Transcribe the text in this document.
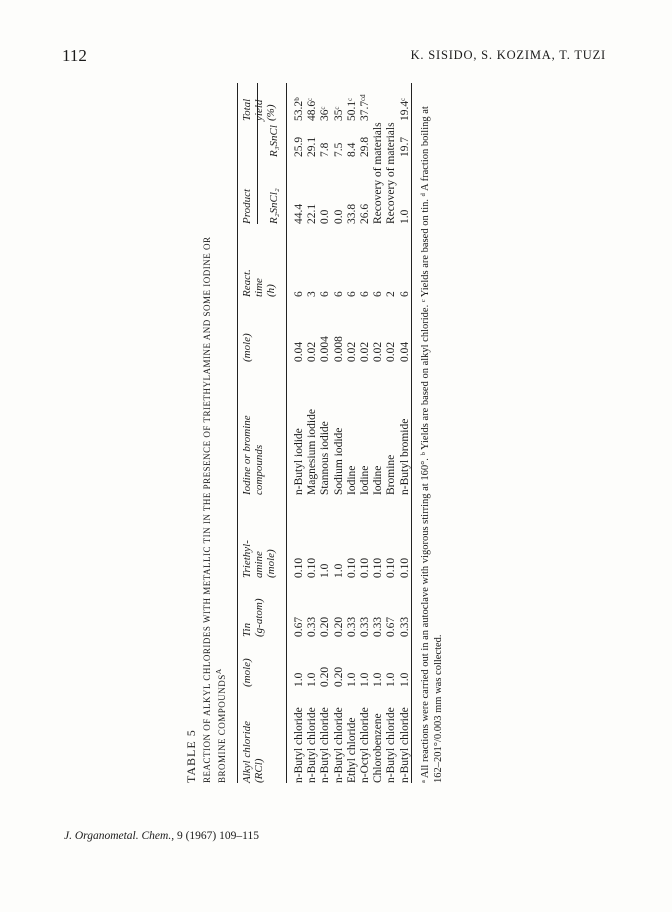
112	K. SISIDO, S. KOZIMA, T. TUZI
TABLE 5 REACTION OF ALKYL CHLORIDES WITH METALLIC TIN IN THE PRESENCE OF TRIETHYLAMINE AND SOME IODINE OR BROMINE $COMPOUNDS^A$
Alkyl chloride (RCl)
(mole)
Tin (g-atom)
Triethyl- amine (mole)
Iodine or bromine compounds
(mole)
React. time (h)
Product R₂SnCl₂
R₃SnCl
Total yield (%)
n-Butyl chloride n-Butyl chloride n-Butyl chloride n-Butyl chloride Ethyl chloride n-Octyl chloride Chlorobenzene n-Butyl chloride n-Butyl chloride
1.0 1.0 0.20 0.20 1.0 1.0 1.0 1.0 1.0
0.67 0.33 0.20 0.20 0.33 0.33 0.33 0.67 0.33
0.10 0.10 1.0 1.0 0.10 0.10 0.10 0.10 0.10
n-Butyl iodide Magnesium iodide Stannous iodide Sodium iodide Iodine Iodine Iodine Bromine n-Butyl bromide
0.04 0.02 0.004 0.008 0.02 0.02 0.02 0.02 0.04
6 3 6 6 6 6 6 2 6
44.4 22.1 0.0 0.0 33.8 26.6 Recovery of materials Recovery of materials 1.0
25.9 29.1 7.8 7.5 8.4 29.8 19.7
53.2ᵇ 48.6ᶜ 36ᶜ 35ᶜ 50.1ᶜ 37.7ᶜᵈ 19.4ᶜ ᵃ All reactions were carried out in an autoclave with vigorous stirring at 160°. ᵇ Yields are based on alkyl chloride. ᶜ Yields are based on tin. ᵈ A fraction boiling at 162–201°/0.003 mm was collected.
J. Organometal. Chem., 9 (1967) 109–115
